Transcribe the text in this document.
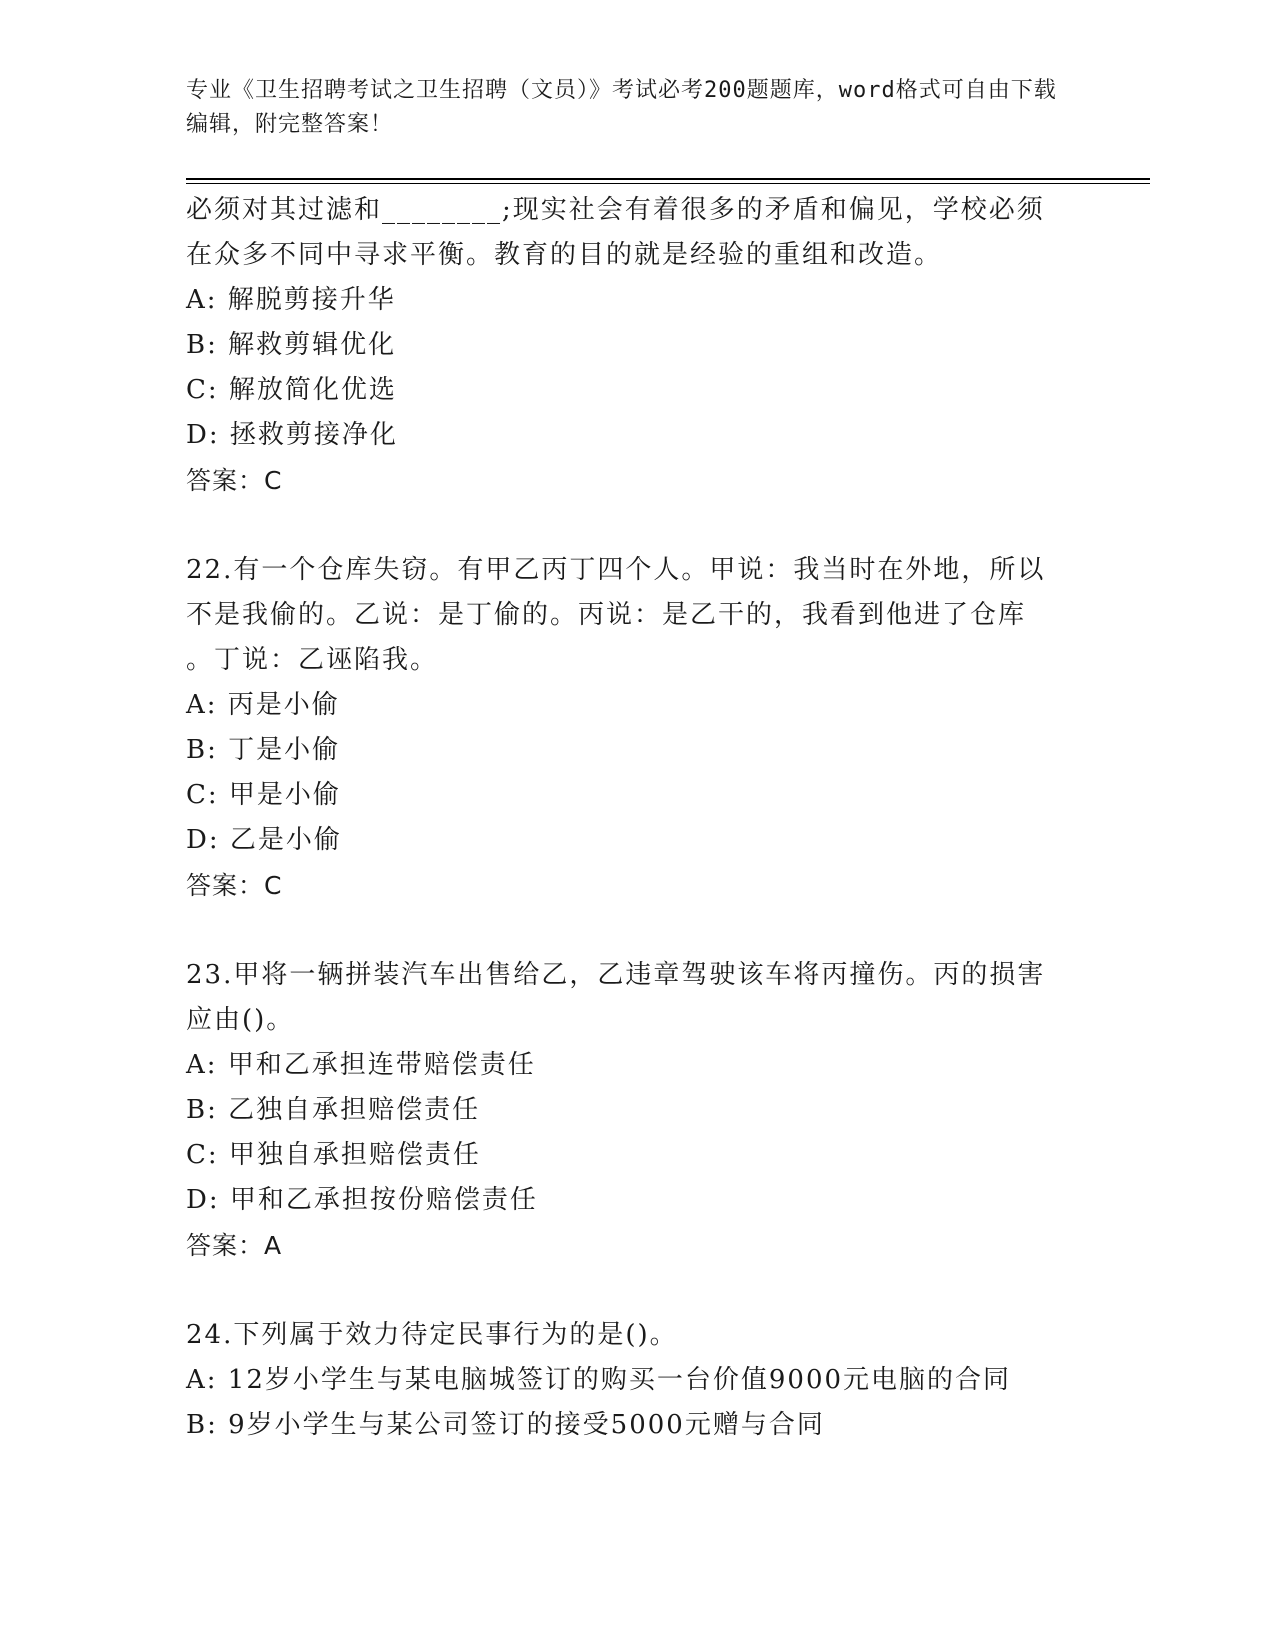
专业《卫生招聘考试之卫生招聘（文员）》考试必考200题题库，word格式可自由下载编辑，附完整答案！
必须对其过滤和________;现实社会有着很多的矛盾和偏见，学校必须
在众多不同中寻求平衡。教育的目的就是经验的重组和改造。
A: 解脱剪接升华
B: 解救剪辑优化
C: 解放简化优选
D: 拯救剪接净化
答案：C
22.有一个仓库失窃。有甲乙丙丁四个人。甲说：我当时在外地，所以
不是我偷的。乙说：是丁偷的。丙说：是乙干的，我看到他进了仓库
。丁说：乙诬陷我。
A: 丙是小偷
B: 丁是小偷
C: 甲是小偷
D: 乙是小偷
答案：C
23.甲将一辆拼装汽车出售给乙，乙违章驾驶该车将丙撞伤。丙的损害
应由()。
A: 甲和乙承担连带赔偿责任
B: 乙独自承担赔偿责任
C: 甲独自承担赔偿责任
D: 甲和乙承担按份赔偿责任
答案：A
24.下列属于效力待定民事行为的是()。
A: 12岁小学生与某电脑城签订的购买一台价值9000元电脑的合同
B: 9岁小学生与某公司签订的接受5000元赠与合同
